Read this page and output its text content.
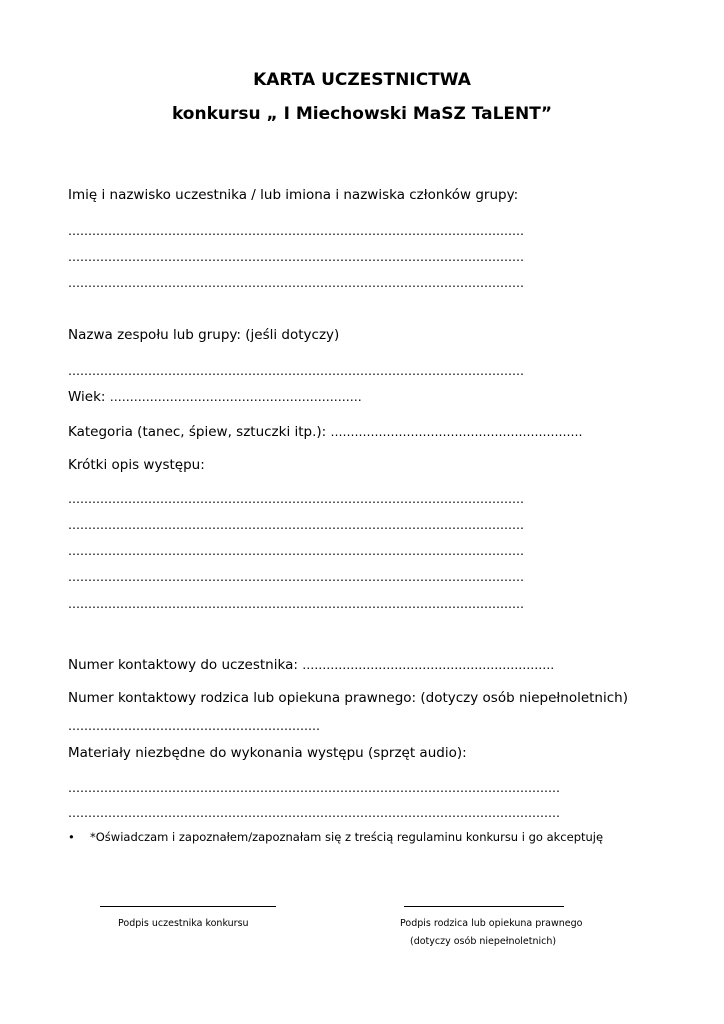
KARTA UCZESTNICTWA
konkursu „ I Miechowski MaSZ TaLENT”
Imię i nazwisko uczestnika / lub imiona i nazwiska członków grupy:
……………………………………………………………………………………………………
……………………………………………………………………………………………………
……………………………………………………………………………………………………
Nazwa zespołu lub grupy: (jeśli dotyczy)
……………………………………………………………………………………………………
Wiek: ………………………………………………………
Kategoria (tanec, śpiew, sztuczki itp.): ………………………………………………………
Krótki opis występu:
……………………………………………………………………………………………………
……………………………………………………………………………………………………
……………………………………………………………………………………………………
……………………………………………………………………………………………………
……………………………………………………………………………………………………
Numer kontaktowy do uczestnika: ………………………………………………………
Numer kontaktowy rodzica lub opiekuna prawnego: (dotyczy osób niepełnoletnich)
………………………………………………………
Materiały niezbędne do wykonania występu (sprzęt audio):
……………………………………………………………………………………………………………
……………………………………………………………………………………………………………
• *Oświadczam i zapoznałem/zapoznałam się z treścią regulaminu konkursu i go akceptuję
Podpis uczestnika konkursu	Podpis rodzica lub opiekuna prawnego
(dotyczy osób niepełnoletnich)
